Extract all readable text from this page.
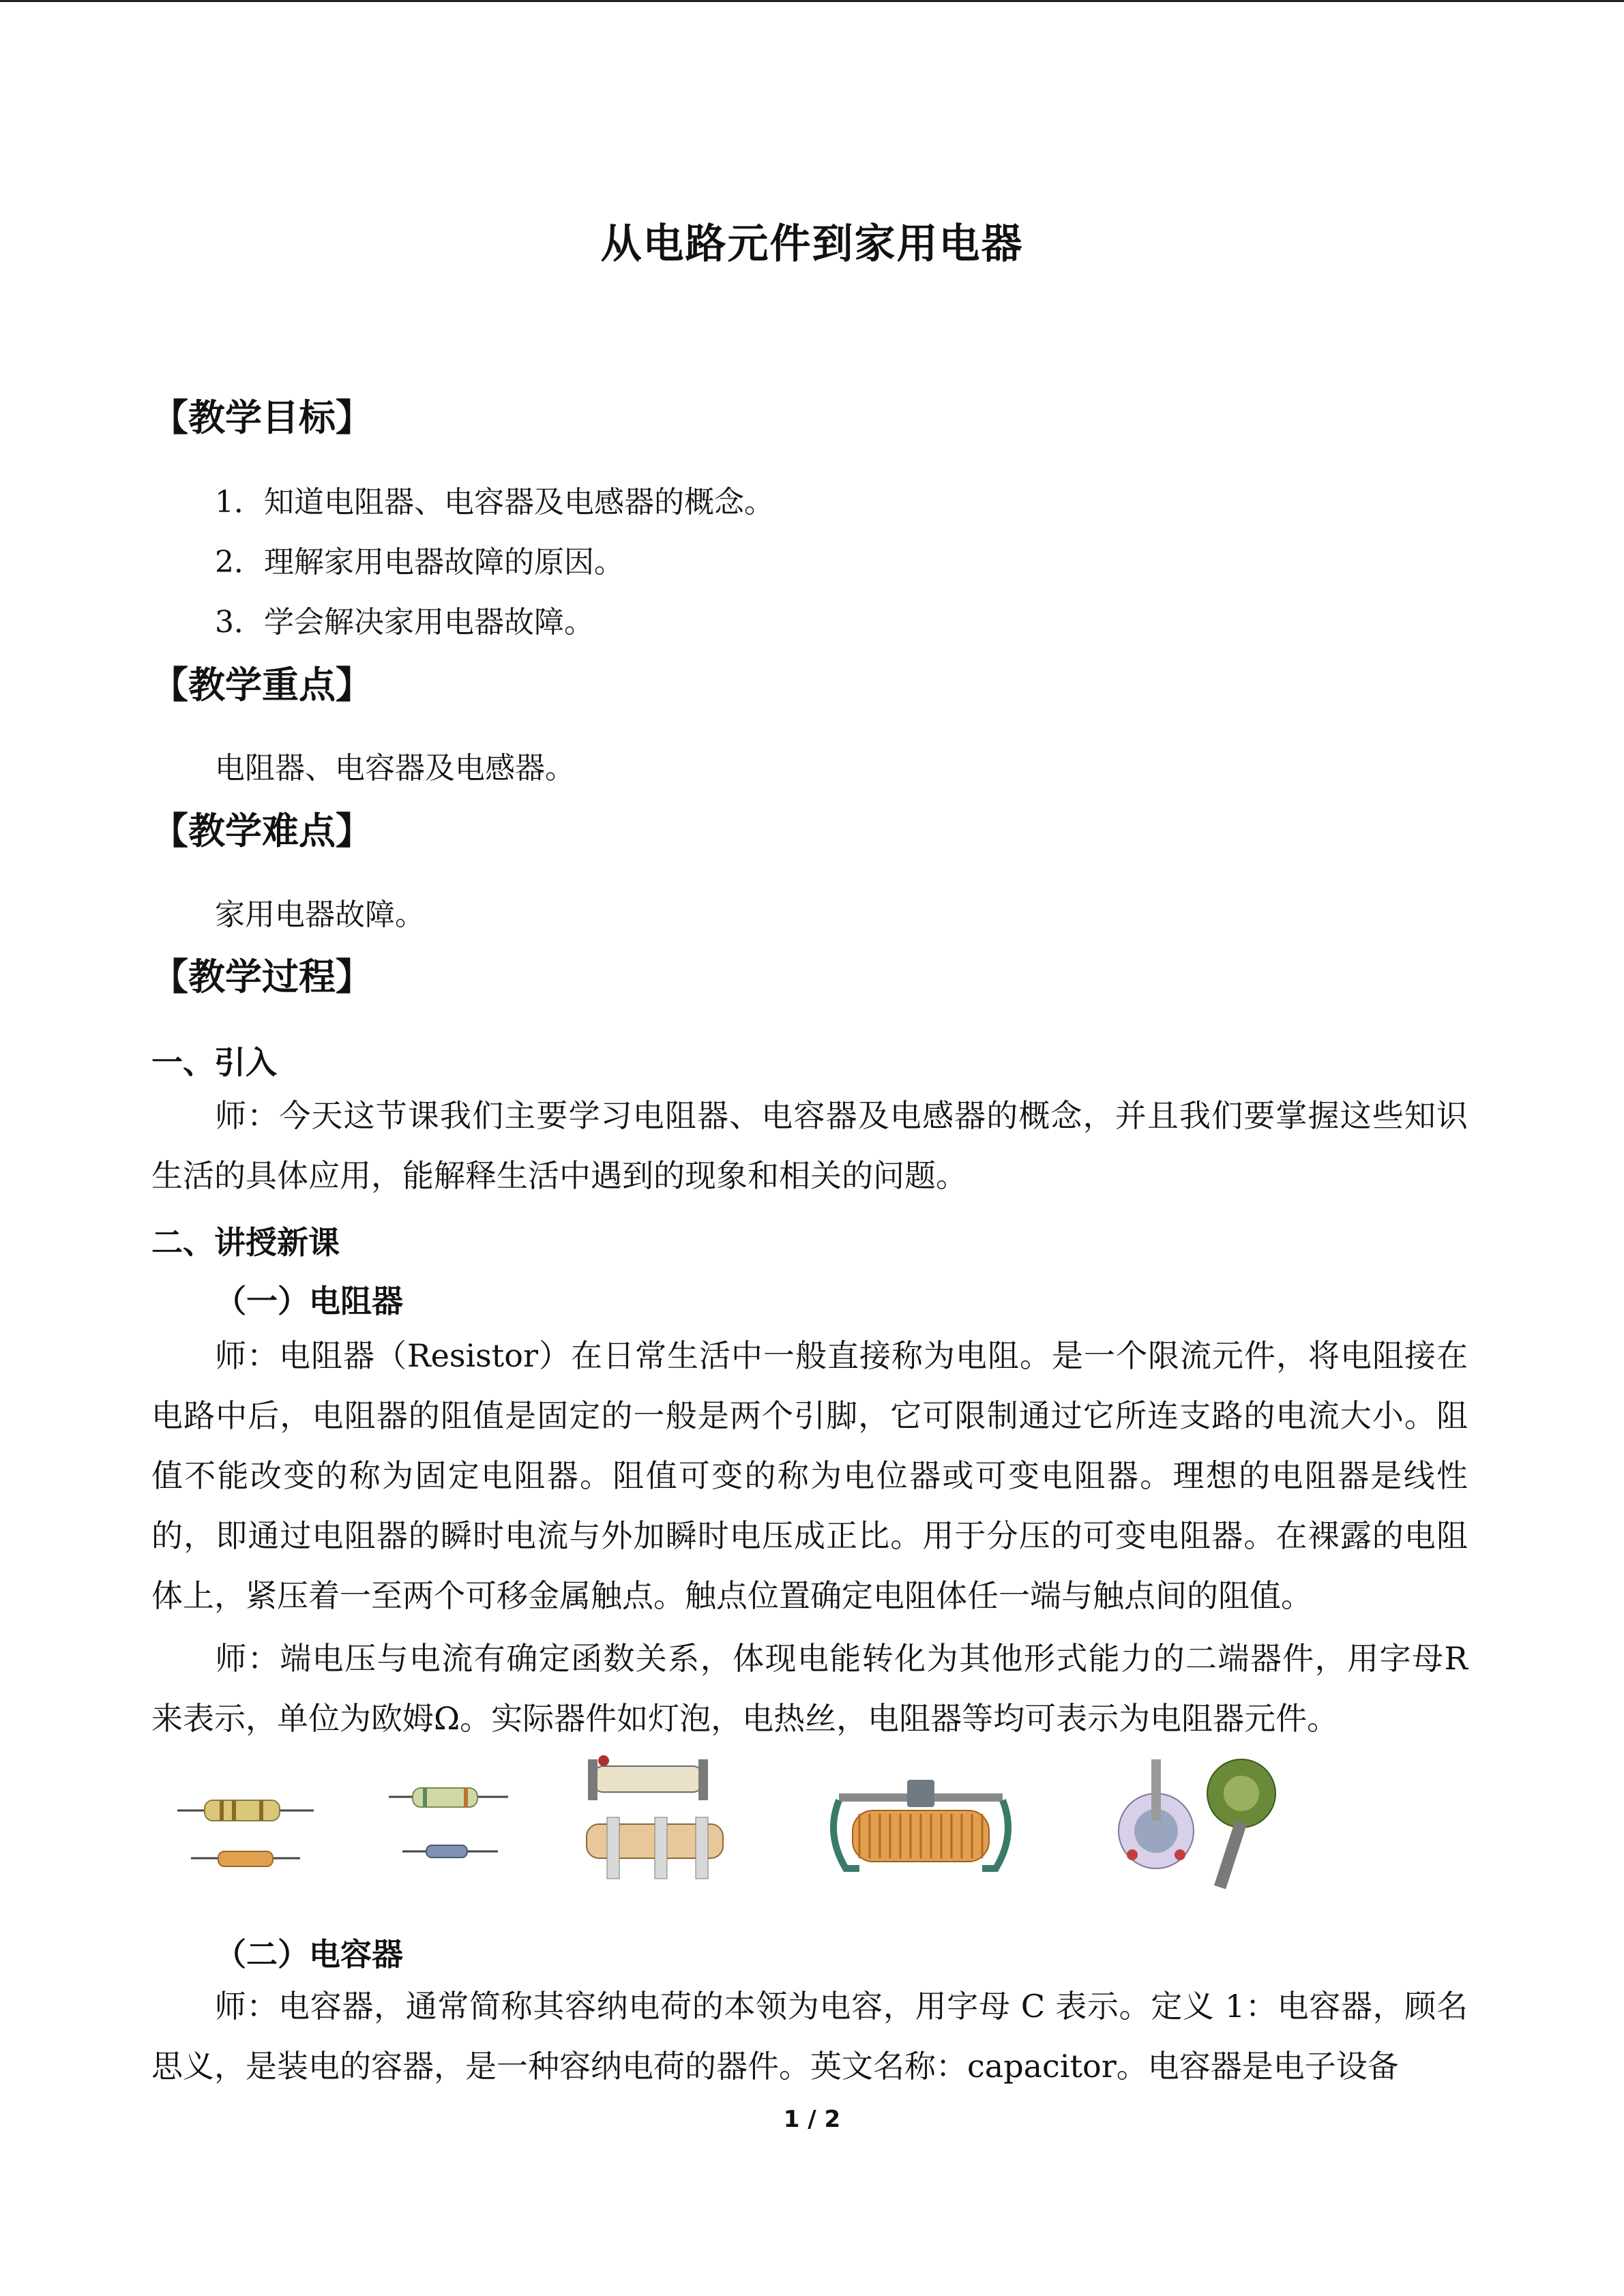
从电路元件到家用电器
【教学目标】
1．知道电阻器、电容器及电感器的概念。
2．理解家用电器故障的原因。
3．学会解决家用电器故障。
【教学重点】
电阻器、电容器及电感器。
【教学难点】
家用电器故障。
【教学过程】
一、引入
师：今天这节课我们主要学习电阻器、电容器及电感器的概念，并且我们要掌握这些知识生活的具体应用，能解释生活中遇到的现象和相关的问题。
二、讲授新课
（一）电阻器
师：电阻器（Resistor）在日常生活中一般直接称为电阻。是一个限流元件，将电阻接在电路中后，电阻器的阻值是固定的一般是两个引脚，它可限制通过它所连支路的电流大小。阻值不能改变的称为固定电阻器。阻值可变的称为电位器或可变电阻器。理想的电阻器是线性的，即通过电阻器的瞬时电流与外加瞬时电压成正比。用于分压的可变电阻器。在裸露的电阻体上，紧压着一至两个可移金属触点。触点位置确定电阻体任一端与触点间的阻值。
师：端电压与电流有确定函数关系，体现电能转化为其他形式能力的二端器件，用字母R 来表示，单位为欧姆Ω。实际器件如灯泡，电热丝，电阻器等均可表示为电阻器元件。
（二）电容器
师：电容器，通常简称其容纳电荷的本领为电容，用字母 C 表示。定义 1：电容器，顾名思义，是装电的容器，是一种容纳电荷的器件。英文名称：capacitor。电容器是电子设备
1 / 2
